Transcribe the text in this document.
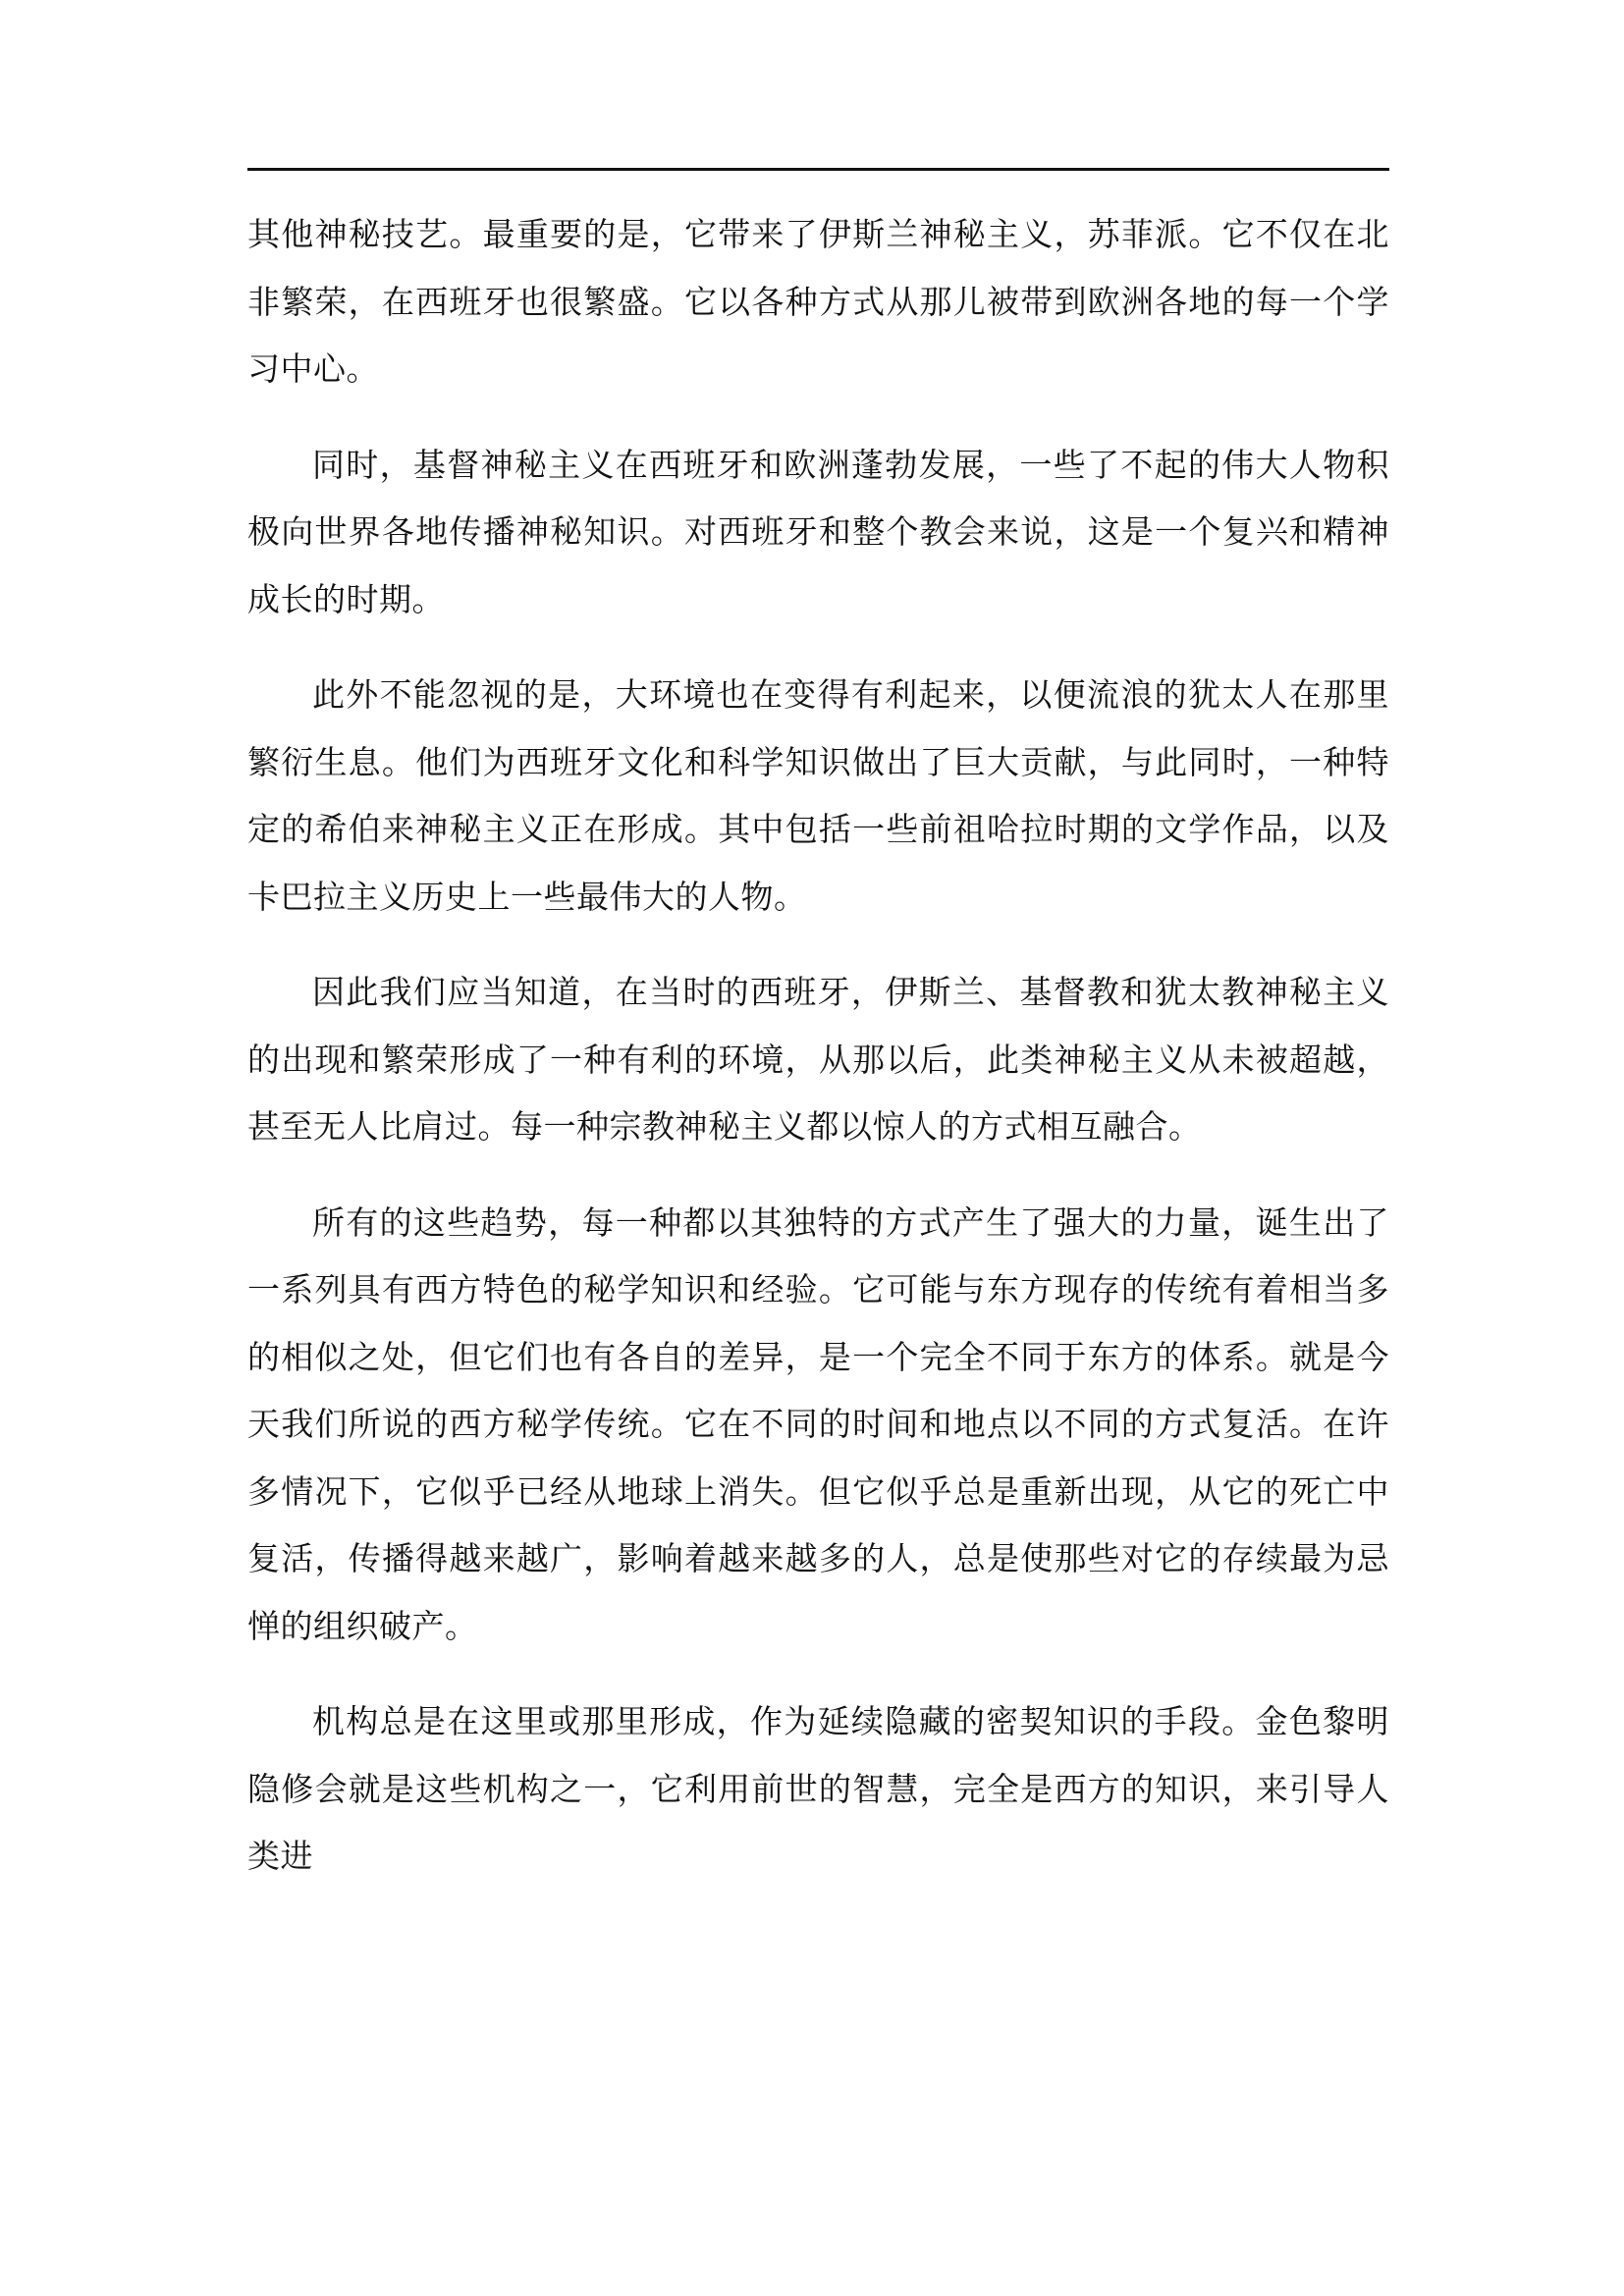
其他神秘技艺。最重要的是，它带来了伊斯兰神秘主义，苏菲派。它不仅在北非繁荣，在西班牙也很繁盛。它以各种方式从那儿被带到欧洲各地的每一个学习中心。

同时，基督神秘主义在西班牙和欧洲蓬勃发展，一些了不起的伟大人物积极向世界各地传播神秘知识。对西班牙和整个教会来说，这是一个复兴和精神成长的时期。

此外不能忽视的是，大环境也在变得有利起来，以便流浪的犹太人在那里繁衍生息。他们为西班牙文化和科学知识做出了巨大贡献，与此同时，一种特定的希伯来神秘主义正在形成。其中包括一些前祖哈拉时期的文学作品，以及卡巴拉主义历史上一些最伟大的人物。

因此我们应当知道，在当时的西班牙，伊斯兰、基督教和犹太教神秘主义的出现和繁荣形成了一种有利的环境，从那以后，此类神秘主义从未被超越，甚至无人比肩过。每一种宗教神秘主义都以惊人的方式相互融合。

所有的这些趋势，每一种都以其独特的方式产生了强大的力量，诞生出了一系列具有西方特色的秘学知识和经验。它可能与东方现存的传统有着相当多的相似之处，但它们也有各自的差异，是一个完全不同于东方的体系。就是今天我们所说的西方秘学传统。它在不同的时间和地点以不同的方式复活。在许多情况下，它似乎已经从地球上消失。但它似乎总是重新出现，从它的死亡中复活，传播得越来越广，影响着越来越多的人，总是使那些对它的存续最为忌惮的组织破产。

机构总是在这里或那里形成，作为延续隐藏的密契知识的手段。金色黎明隐修会就是这些机构之一，它利用前世的智慧，完全是西方的知识，来引导人类进
